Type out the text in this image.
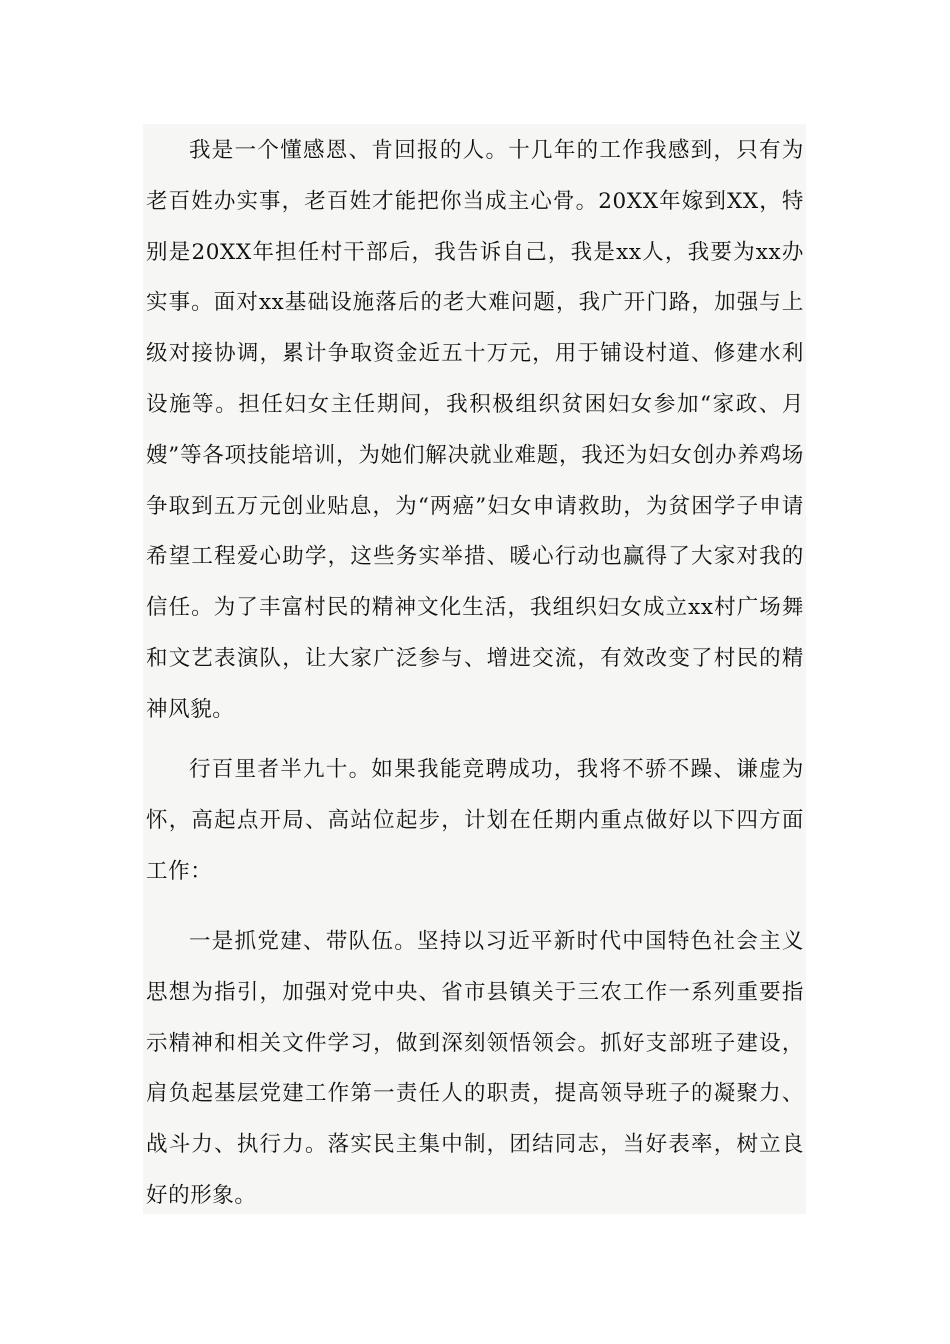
我是一个懂感恩、肯回报的人。十几年的工作我感到，只有为老百姓办实事，老百姓才能把你当成主心骨。20XX年嫁到XX，特别是20XX年担任村干部后，我告诉自己，我是xx人，我要为xx办实事。面对xx基础设施落后的老大难问题，我广开门路，加强与上级对接协调，累计争取资金近五十万元，用于铺设村道、修建水利设施等。担任妇女主任期间，我积极组织贫困妇女参加“家政、月嫂”等各项技能培训，为她们解决就业难题，我还为妇女创办养鸡场争取到五万元创业贴息，为“两癌”妇女申请救助，为贫困学子申请希望工程爱心助学，这些务实举措、暖心行动也赢得了大家对我的信任。为了丰富村民的精神文化生活，我组织妇女成立xx村广场舞和文艺表演队，让大家广泛参与、增进交流，有效改变了村民的精神风貌。

行百里者半九十。如果我能竞聘成功，我将不骄不躁、谦虚为怀，高起点开局、高站位起步，计划在任期内重点做好以下四方面工作：

一是抓党建、带队伍。坚持以习近平新时代中国特色社会主义思想为指引，加强对党中央、省市县镇关于三农工作一系列重要指示精神和相关文件学习，做到深刻领悟领会。抓好支部班子建设，肩负起基层党建工作第一责任人的职责，提高领导班子的凝聚力、战斗力、执行力。落实民主集中制，团结同志，当好表率，树立良好的形象。
